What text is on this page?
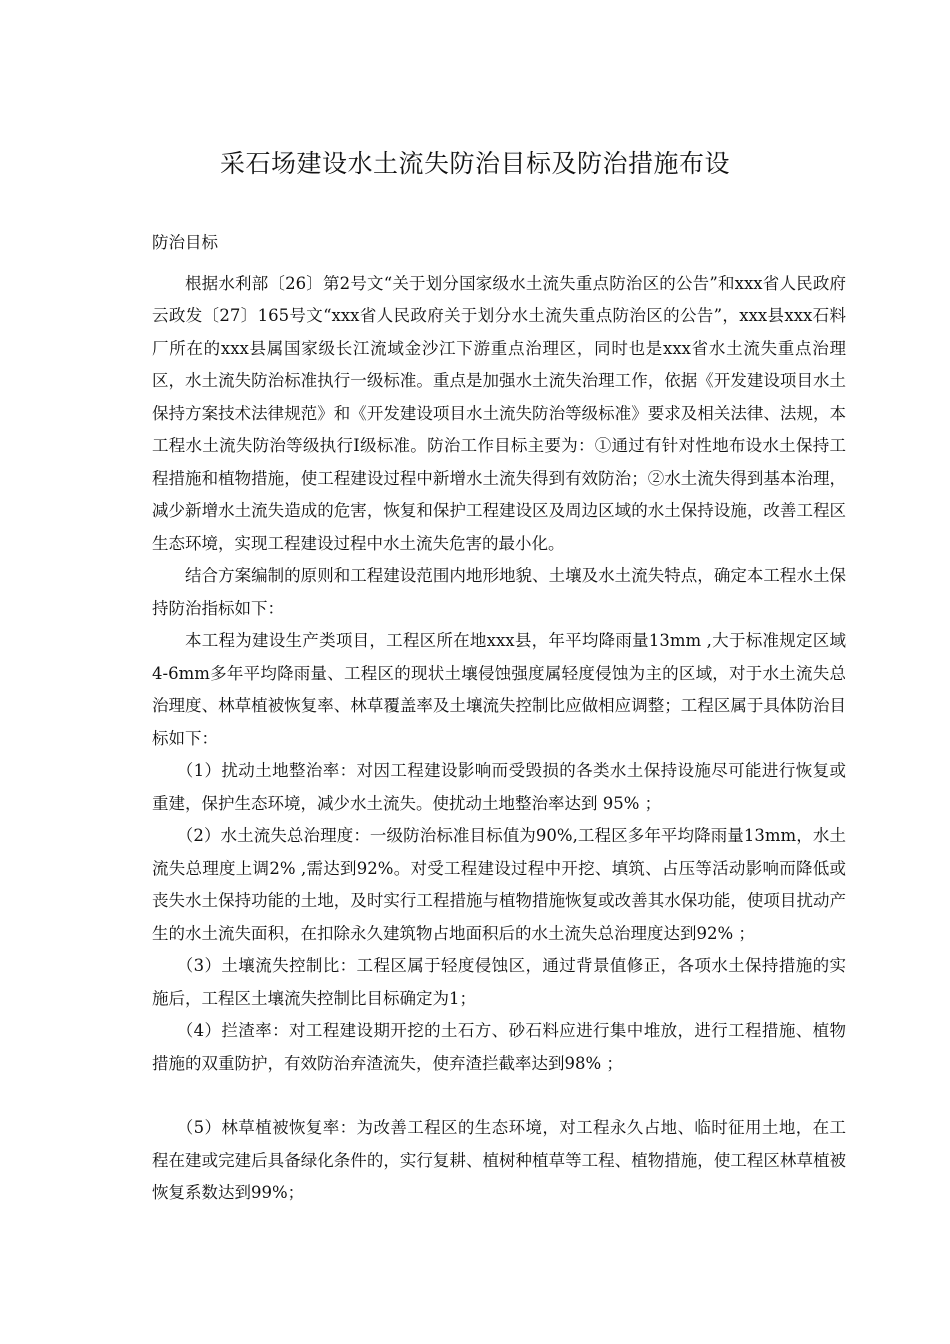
采石场建设水土流失防治目标及防治措施布设
防治目标

根据水利部〔26〕第2号文“关于划分国家级水土流失重点防治区的公告”和xxx省人民政府云政发〔27〕165号文“xxx省人民政府关于划分水土流失重点防治区的公告”，xxx县xxx石料厂所在的xxx县属国家级长江流域金沙江下游重点治理区，同时也是xxx省水土流失重点治理区，水土流失防治标准执行一级标准。重点是加强水土流失治理工作，依据《开发建设项目水土保持方案技术法律规范》和《开发建设项目水土流失防治等级标准》要求及相关法律、法规，本工程水土流失防治等级执行Ⅰ级标准。防治工作目标主要为：①通过有针对性地布设水土保持工程措施和植物措施，使工程建设过程中新增水土流失得到有效防治；②水土流失得到基本治理，减少新增水土流失造成的危害，恢复和保护工程建设区及周边区域的水土保持设施，改善工程区生态环境，实现工程建设过程中水土流失危害的最小化。

结合方案编制的原则和工程建设范围内地形地貌、土壤及水土流失特点，确定本工程水土保持防治指标如下：

本工程为建设生产类项目，工程区所在地xxx县，年平均降雨量13mm ,大于标准规定区域4-6mm多年平均降雨量、工程区的现状土壤侵蚀强度属轻度侵蚀为主的区域，对于水土流失总治理度、林草植被恢复率、林草覆盖率及土壤流失控制比应做相应调整；工程区属于具体防治目标如下：

（1）扰动土地整治率：对因工程建设影响而受毁损的各类水土保持设施尽可能进行恢复或重建，保护生态环境，减少水土流失。使扰动土地整治率达到 95% ；

（2）水土流失总治理度：一级防治标准目标值为90%,工程区多年平均降雨量13mm，水土流失总理度上调2% ,需达到92%。对受工程建设过程中开挖、填筑、占压等活动影响而降低或丧失水土保持功能的土地，及时实行工程措施与植物措施恢复或改善其水保功能，使项目扰动产生的水土流失面积，在扣除永久建筑物占地面积后的水土流失总治理度达到92% ；

（3）土壤流失控制比：工程区属于轻度侵蚀区，通过背景值修正，各项水土保持措施的实施后，工程区土壤流失控制比目标确定为1；

（4）拦渣率：对工程建设期开挖的土石方、砂石料应进行集中堆放，进行工程措施、植物措施的双重防护，有效防治弃渣流失，使弃渣拦截率达到98% ；

（5）林草植被恢复率：为改善工程区的生态环境，对工程永久占地、临时征用土地，在工程在建或完建后具备绿化条件的，实行复耕、植树种植草等工程、植物措施，使工程区林草植被恢复系数达到99%；
